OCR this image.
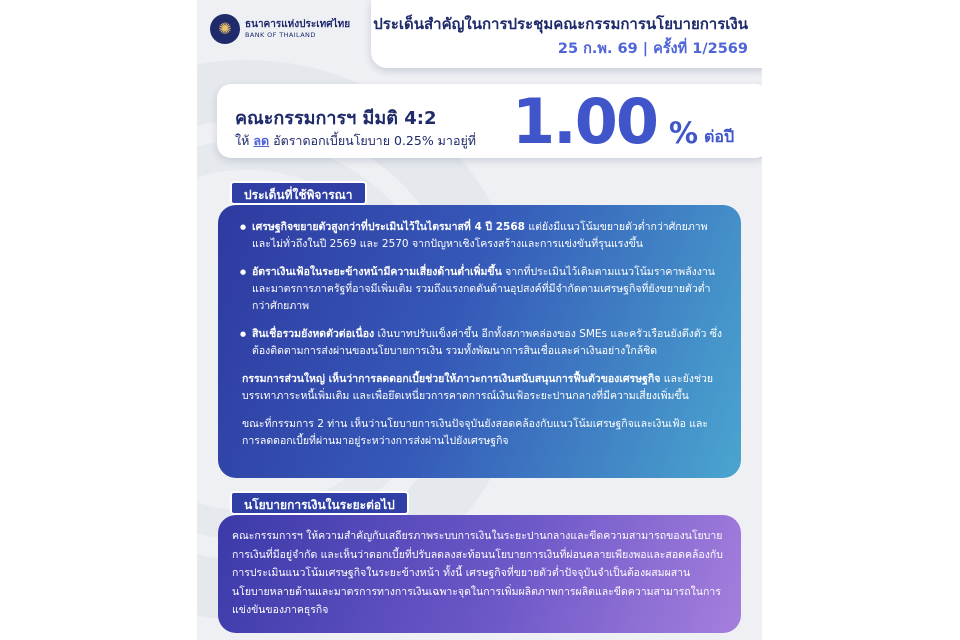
✺	ธนาคารแห่งประเทศไทย
BANK OF THAILAND
ประเด็นสำคัญในการประชุมคณะกรรมการนโยบายการเงิน
25 ก.พ. 69 | ครั้งที่ 1/2569
คณะกรรมการฯ มีมติ 4:2
ให้ ลด อัตราดอกเบี้ยนโยบาย 0.25% มาอยู่ที่ 1.00 % ต่อปี
ประเด็นที่ใช้พิจารณา
● เศรษฐกิจขยายตัวสูงกว่าที่ประเมินไว้ในไตรมาสที่ 4 ปี 2568 แต่ยังมีแนวโน้มขยายตัวต่ำกว่าศักยภาพและไม่ทั่วถึงในปี 2569 และ 2570 จากปัญหาเชิงโครงสร้างและการแข่งขันที่รุนแรงขึ้น
● อัตราเงินเฟ้อในระยะข้างหน้ามีความเสี่ยงด้านต่ำเพิ่มขึ้น จากที่ประเมินไว้เดิมตามแนวโน้มราคาพลังงานและมาตรการภาครัฐที่อาจมีเพิ่มเติม รวมถึงแรงกดดันด้านอุปสงค์ที่มีจำกัดตามเศรษฐกิจที่ยังขยายตัวต่ำกว่าศักยภาพ
● สินเชื่อรวมยังหดตัวต่อเนื่อง เงินบาทปรับแข็งค่าขึ้น อีกทั้งสภาพคล่องของ SMEs และครัวเรือนยังตึงตัว ซึ่งต้องติดตามการส่งผ่านของนโยบายการเงิน รวมทั้งพัฒนาการสินเชื่อและค่าเงินอย่างใกล้ชิด
กรรมการส่วนใหญ่ เห็นว่าการลดดอกเบี้ยช่วยให้ภาวะการเงินสนับสนุนการฟื้นตัวของเศรษฐกิจ และยังช่วยบรรเทาภาระหนี้เพิ่มเติม และเพื่อยึดเหนี่ยวการคาดการณ์เงินเฟ้อระยะปานกลางที่มีความเสี่ยงเพิ่มขึ้น
ขณะที่กรรมการ 2 ท่าน เห็นว่านโยบายการเงินปัจจุบันยังสอดคล้องกับแนวโน้มเศรษฐกิจและเงินเฟ้อ และการลดดอกเบี้ยที่ผ่านมาอยู่ระหว่างการส่งผ่านไปยังเศรษฐกิจ
นโยบายการเงินในระยะต่อไป
คณะกรรมการฯ ให้ความสำคัญกับเสถียรภาพระบบการเงินในระยะปานกลางและขีดความสามารถของนโยบายการเงินที่มีอยู่จำกัด และเห็นว่าดอกเบี้ยที่ปรับลดลงสะท้อนนโยบายการเงินที่ผ่อนคลายเพียงพอและสอดคล้องกับการประเมินแนวโน้มเศรษฐกิจในระยะข้างหน้า ทั้งนี้ เศรษฐกิจที่ขยายตัวต่ำปัจจุบันจำเป็นต้องผสมผสานนโยบายหลายด้านและมาตรการทางการเงินเฉพาะจุดในการเพิ่มผลิตภาพการผลิตและขีดความสามารถในการแข่งขันของภาคธุรกิจ
